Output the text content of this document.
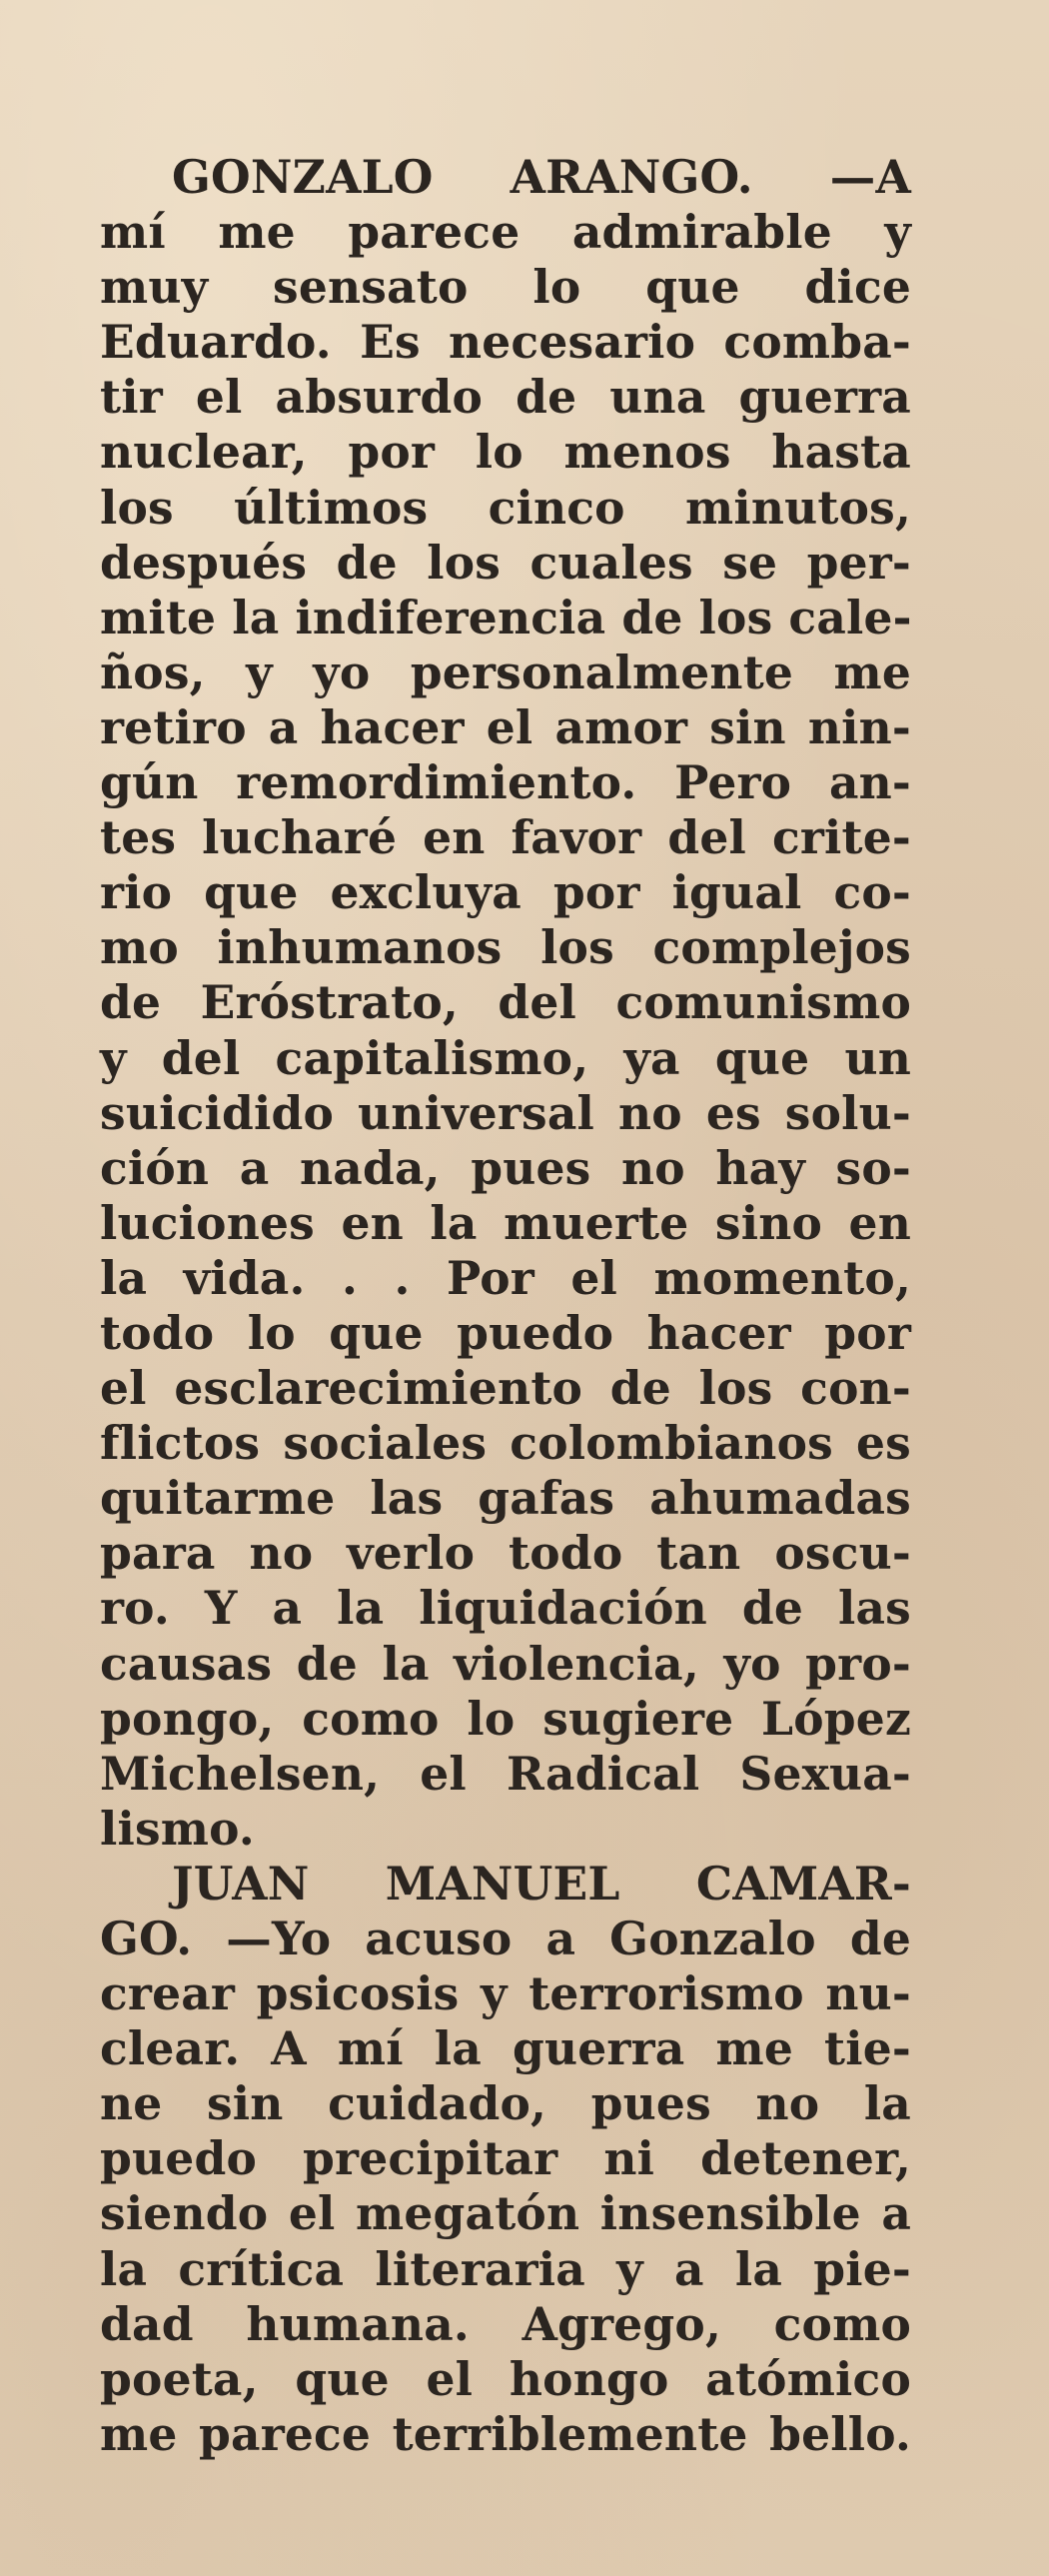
GONZALO ARANGO. —A
mí me parece admirable y
muy sensato lo que dice
Eduardo. Es necesario comba-
tir el absurdo de una guerra
nuclear, por lo menos hasta
los últimos cinco minutos,
después de los cuales se per-
mite la indiferencia de los cale-
ños, y yo personalmente me
retiro a hacer el amor sin nin-
gún remordimiento. Pero an-
tes lucharé en favor del crite-
rio que excluya por igual co-
mo inhumanos los complejos
de Eróstrato, del comunismo
y del capitalismo, ya que un
suicidido universal no es solu-
ción a nada, pues no hay so-
luciones en la muerte sino en
la vida. . . Por el momento,
todo lo que puedo hacer por
el esclarecimiento de los con-
flictos sociales colombianos es
quitarme las gafas ahumadas
para no verlo todo tan oscu-
ro. Y a la liquidación de las
causas de la violencia, yo pro-
pongo, como lo sugiere López
Michelsen, el Radical Sexua-
lismo.
JUAN MANUEL CAMAR-
GO. —Yo acuso a Gonzalo de
crear psicosis y terrorismo nu-
clear. A mí la guerra me tie-
ne sin cuidado, pues no la
puedo precipitar ni detener,
siendo el megatón insensible a
la crítica literaria y a la pie-
dad humana. Agrego, como
poeta, que el hongo atómico
me parece terriblemente bello.
